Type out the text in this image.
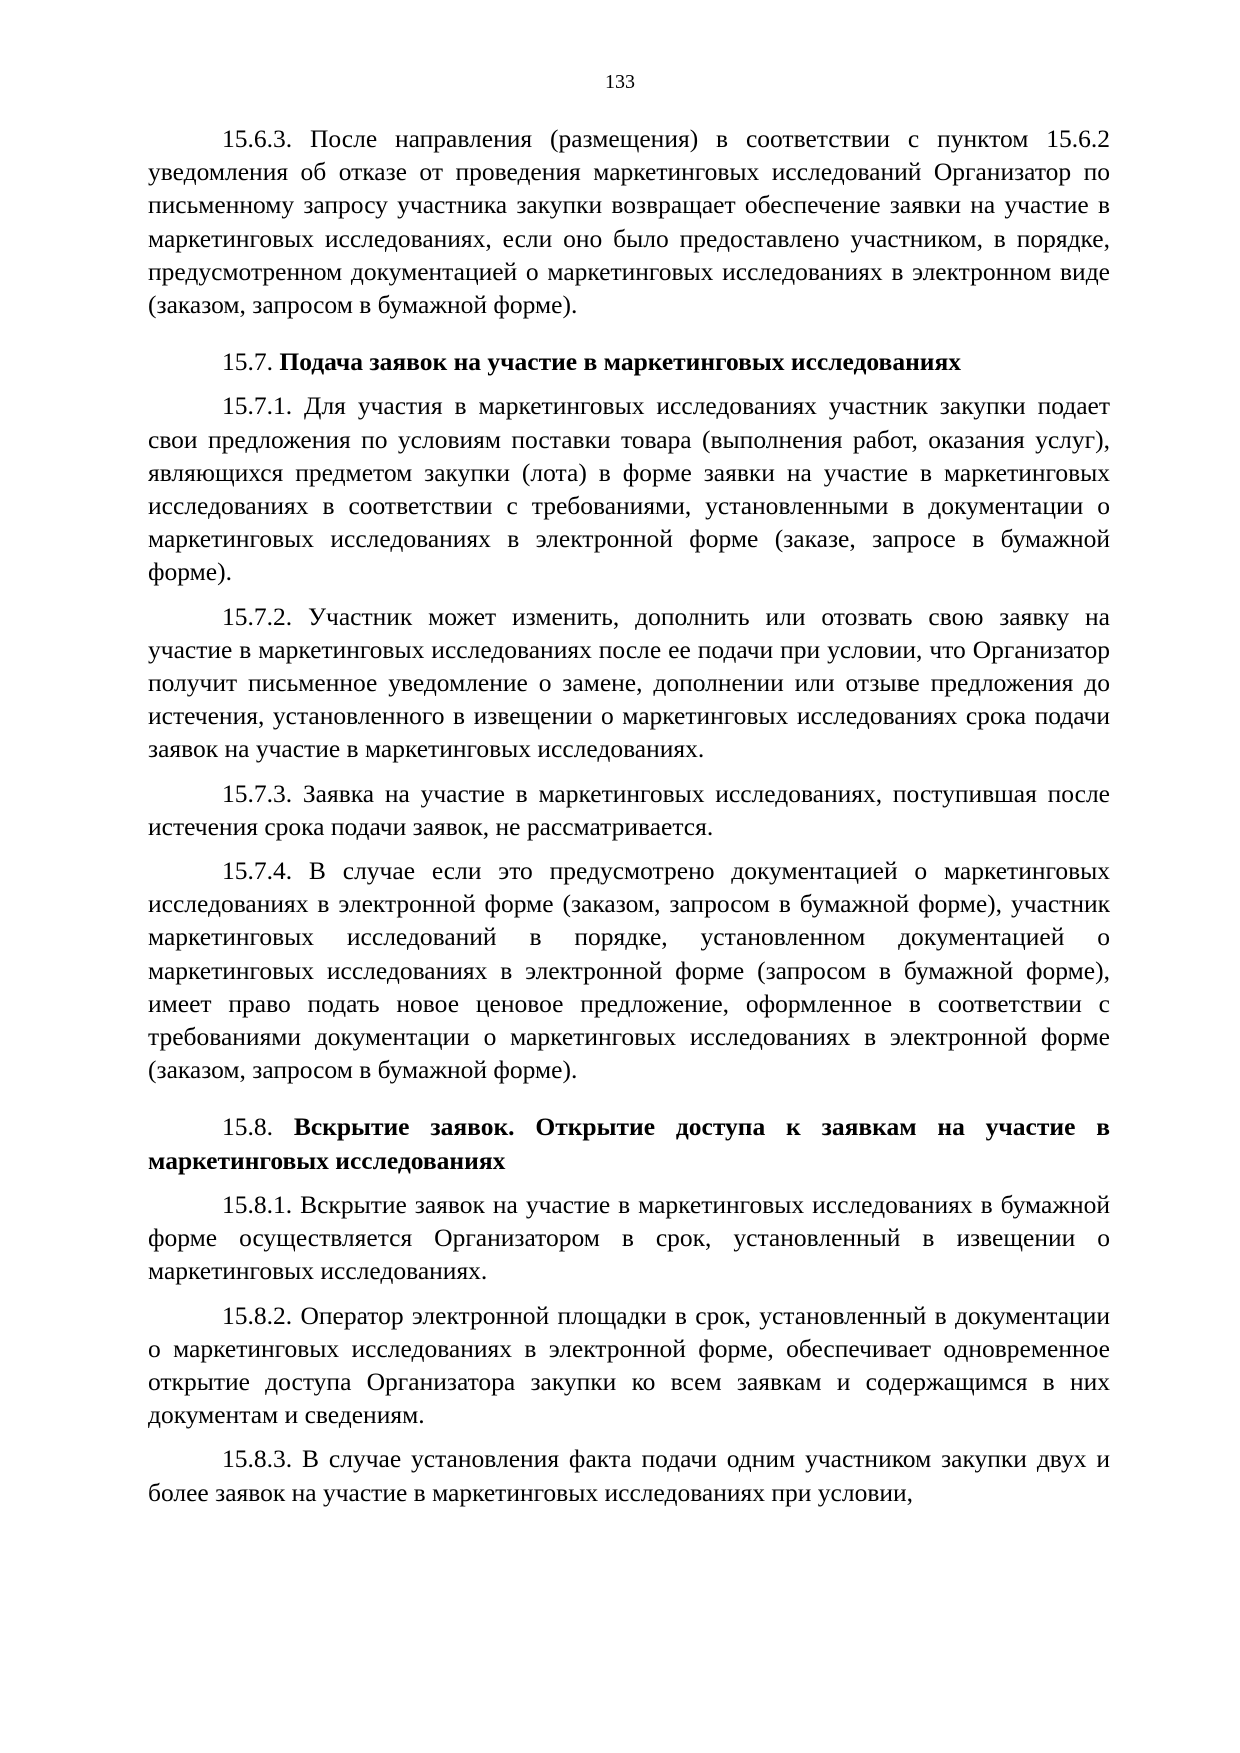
133

15.6.3. После направления (размещения) в соответствии с пунктом 15.6.2 уведомления об отказе от проведения маркетинговых исследований Организатор по письменному запросу участника закупки возвращает обеспечение заявки на участие в маркетинговых исследованиях, если оно было предоставлено участником, в порядке, предусмотренном документацией о маркетинговых исследованиях в электронном виде (заказом, запросом в бумажной форме).

15.7. Подача заявок на участие в маркетинговых исследованиях

15.7.1. Для участия в маркетинговых исследованиях участник закупки подает свои предложения по условиям поставки товара (выполнения работ, оказания услуг), являющихся предметом закупки (лота) в форме заявки на участие в маркетинговых исследованиях в соответствии с требованиями, установленными в документации о маркетинговых исследованиях в электронной форме (заказе, запросе в бумажной форме).

15.7.2. Участник может изменить, дополнить или отозвать свою заявку на участие в маркетинговых исследованиях после ее подачи при условии, что Организатор получит письменное уведомление о замене, дополнении или отзыве предложения до истечения, установленного в извещении о маркетинговых исследованиях срока подачи заявок на участие в маркетинговых исследованиях.

15.7.3. Заявка на участие в маркетинговых исследованиях, поступившая после истечения срока подачи заявок, не рассматривается.

15.7.4. В случае если это предусмотрено документацией о маркетинговых исследованиях в электронной форме (заказом, запросом в бумажной форме), участник маркетинговых исследований в порядке, установленном документацией о маркетинговых исследованиях в электронной форме (запросом в бумажной форме), имеет право подать новое ценовое предложение, оформленное в соответствии с требованиями документации о маркетинговых исследованиях в электронной форме (заказом, запросом в бумажной форме).

15.8. Вскрытие заявок. Открытие доступа к заявкам на участие в маркетинговых исследованиях

15.8.1. Вскрытие заявок на участие в маркетинговых исследованиях в бумажной форме осуществляется Организатором в срок, установленный в извещении о маркетинговых исследованиях.

15.8.2. Оператор электронной площадки в срок, установленный в документации о маркетинговых исследованиях в электронной форме, обеспечивает одновременное открытие доступа Организатора закупки ко всем заявкам и содержащимся в них документам и сведениям.

15.8.3. В случае установления факта подачи одним участником закупки двух и более заявок на участие в маркетинговых исследованиях при условии,
